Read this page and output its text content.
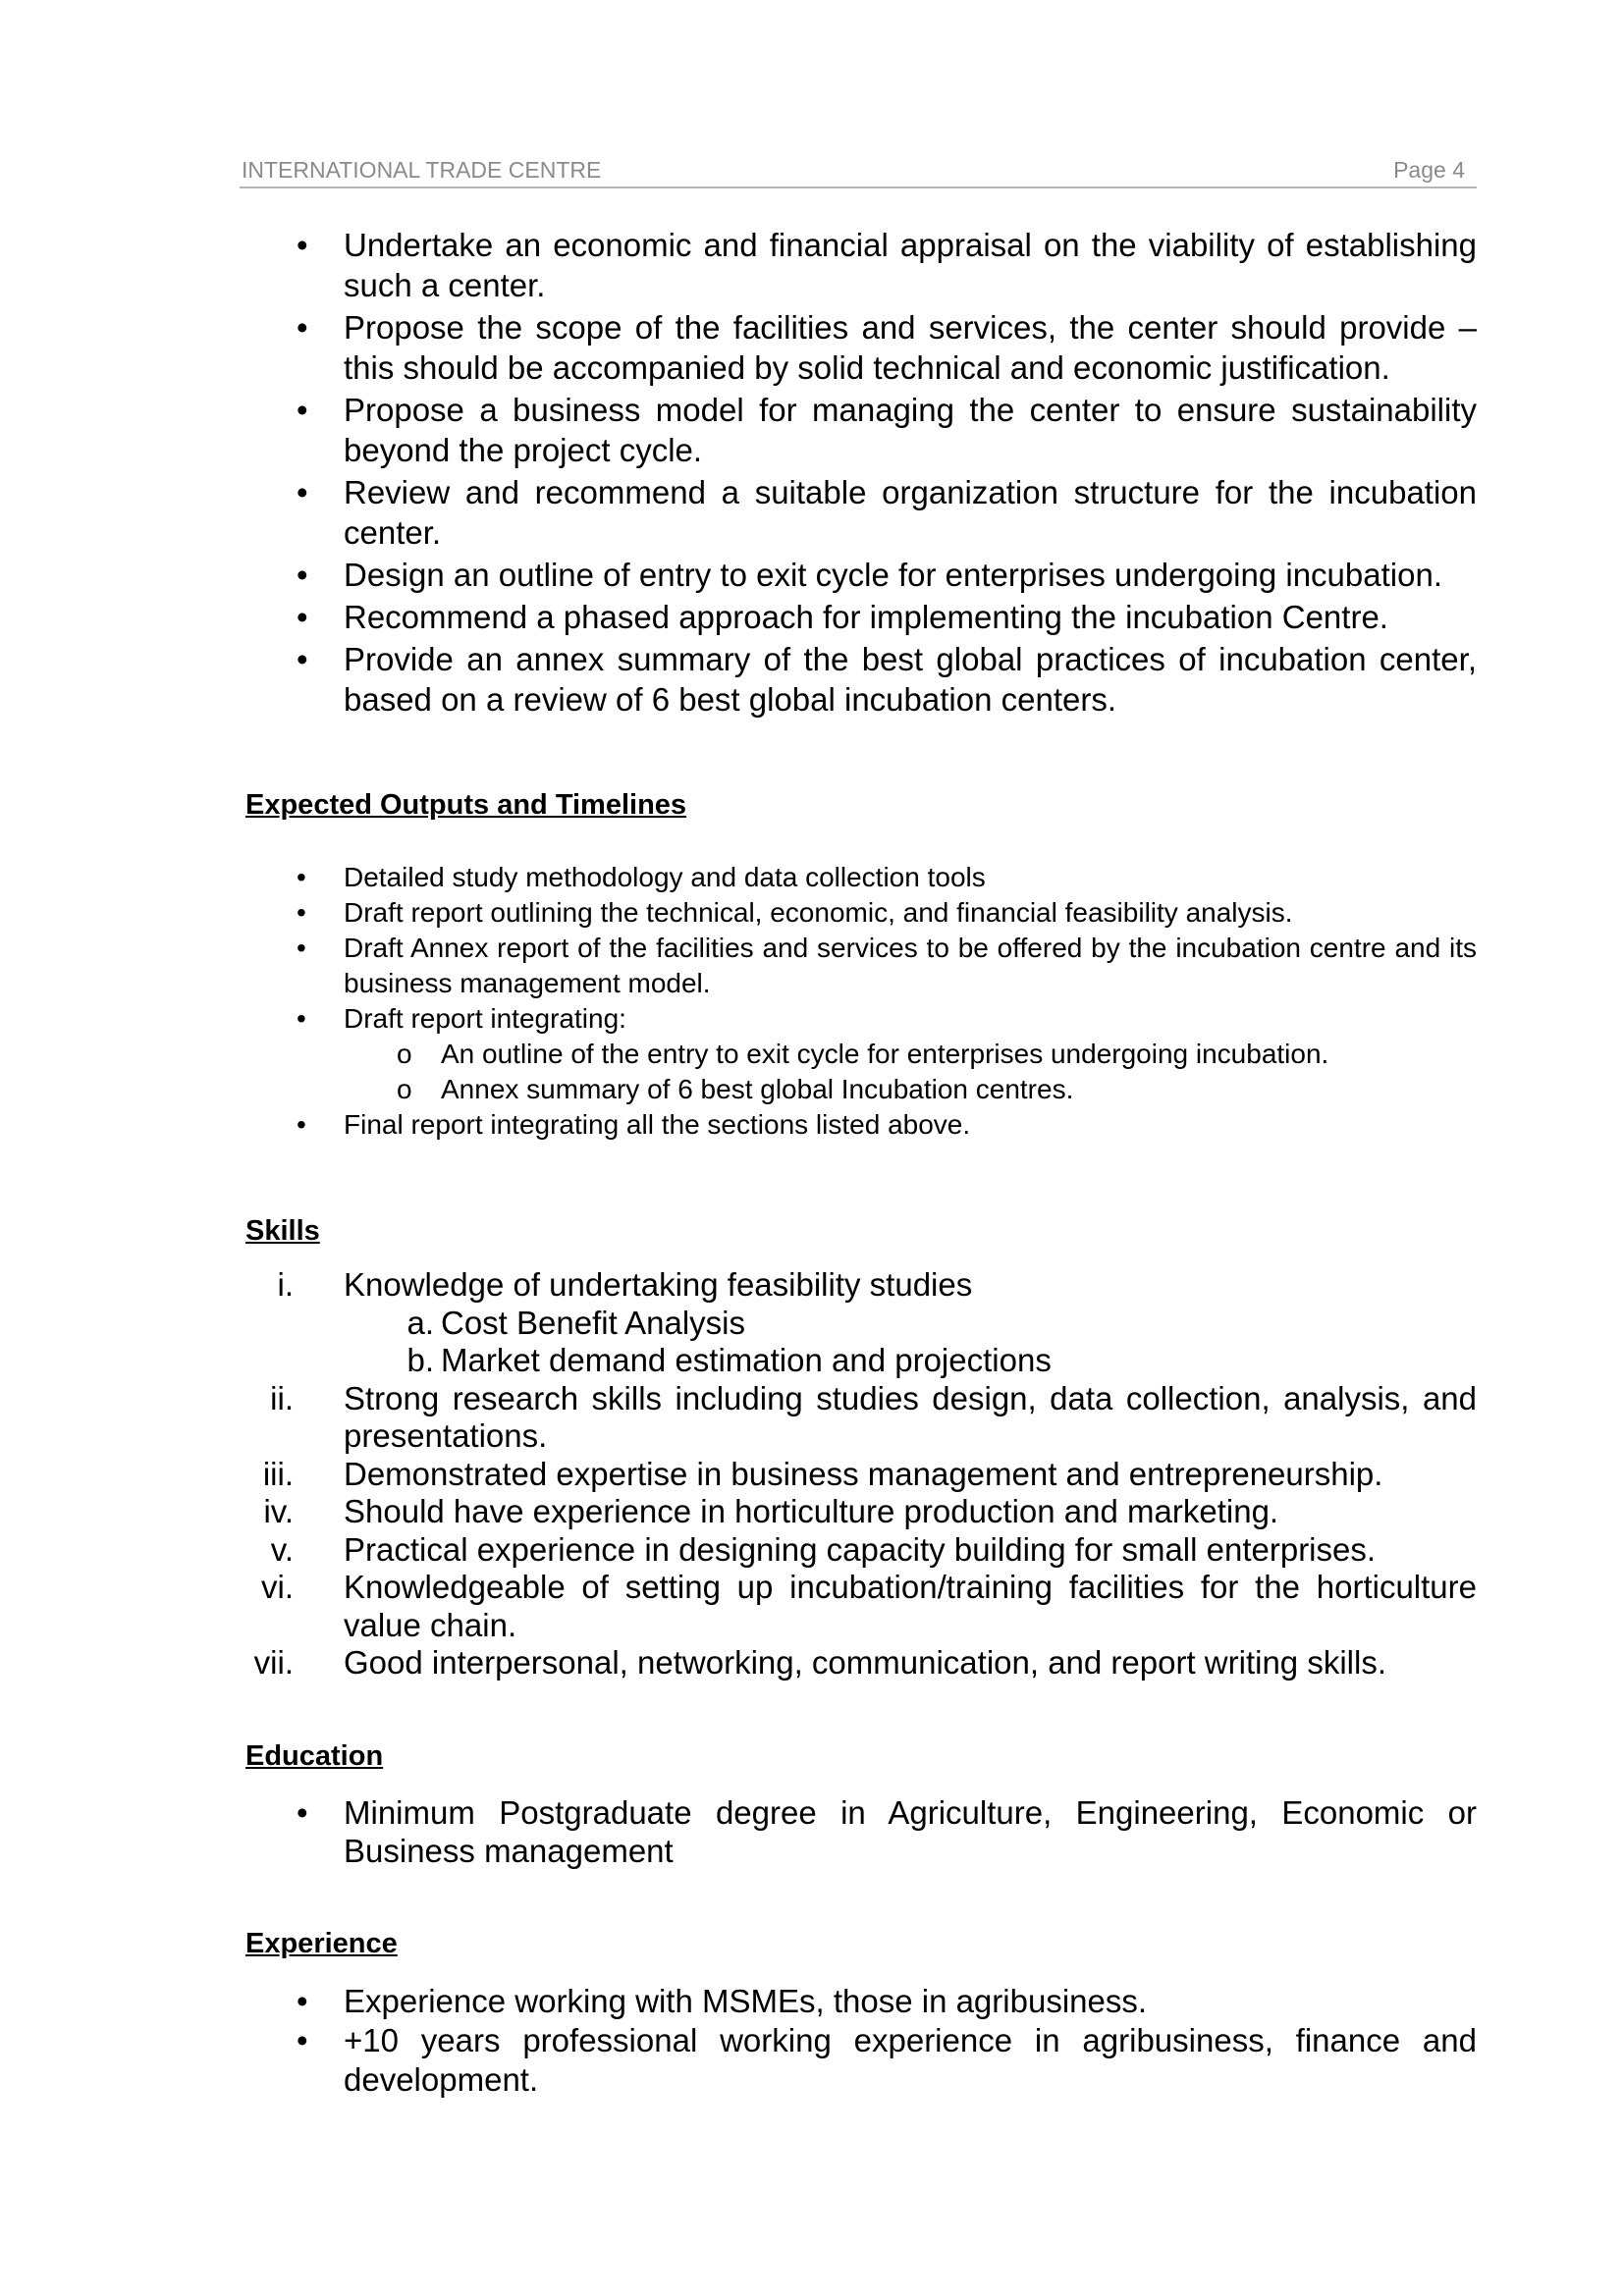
INTERNATIONAL TRADE CENTRE	Page 4
• Undertake an economic and financial appraisal on the viability of establishing such a center.
• Propose the scope of the facilities and services, the center should provide – this should be accompanied by solid technical and economic justification.
• Propose a business model for managing the center to ensure sustainability beyond the project cycle.
• Review and recommend a suitable organization structure for the incubation center.
• Design an outline of entry to exit cycle for enterprises undergoing incubation.
• Recommend a phased approach for implementing the incubation Centre.
• Provide an annex summary of the best global practices of incubation center, based on a review of 6 best global incubation centers.
Expected Outputs and Timelines
• Detailed study methodology and data collection tools
• Draft report outlining the technical, economic, and financial feasibility analysis.
• Draft Annex report of the facilities and services to be offered by the incubation centre and its business management model.
• Draft report integrating:
o An outline of the entry to exit cycle for enterprises undergoing incubation.
o Annex summary of 6 best global Incubation centres.
• Final report integrating all the sections listed above.
Skills
i. Knowledge of undertaking feasibility studies
a. Cost Benefit Analysis
b. Market demand estimation and projections
ii. Strong research skills including studies design, data collection, analysis, and presentations.
iii. Demonstrated expertise in business management and entrepreneurship.
iv. Should have experience in horticulture production and marketing.
v. Practical experience in designing capacity building for small enterprises.
vi. Knowledgeable of setting up incubation/training facilities for the horticulture value chain.
vii. Good interpersonal, networking, communication, and report writing skills.
Education
• Minimum Postgraduate degree in Agriculture, Engineering, Economic or Business management
Experience
• Experience working with MSMEs, those in agribusiness.
• +10 years professional working experience in agribusiness, finance and development.
